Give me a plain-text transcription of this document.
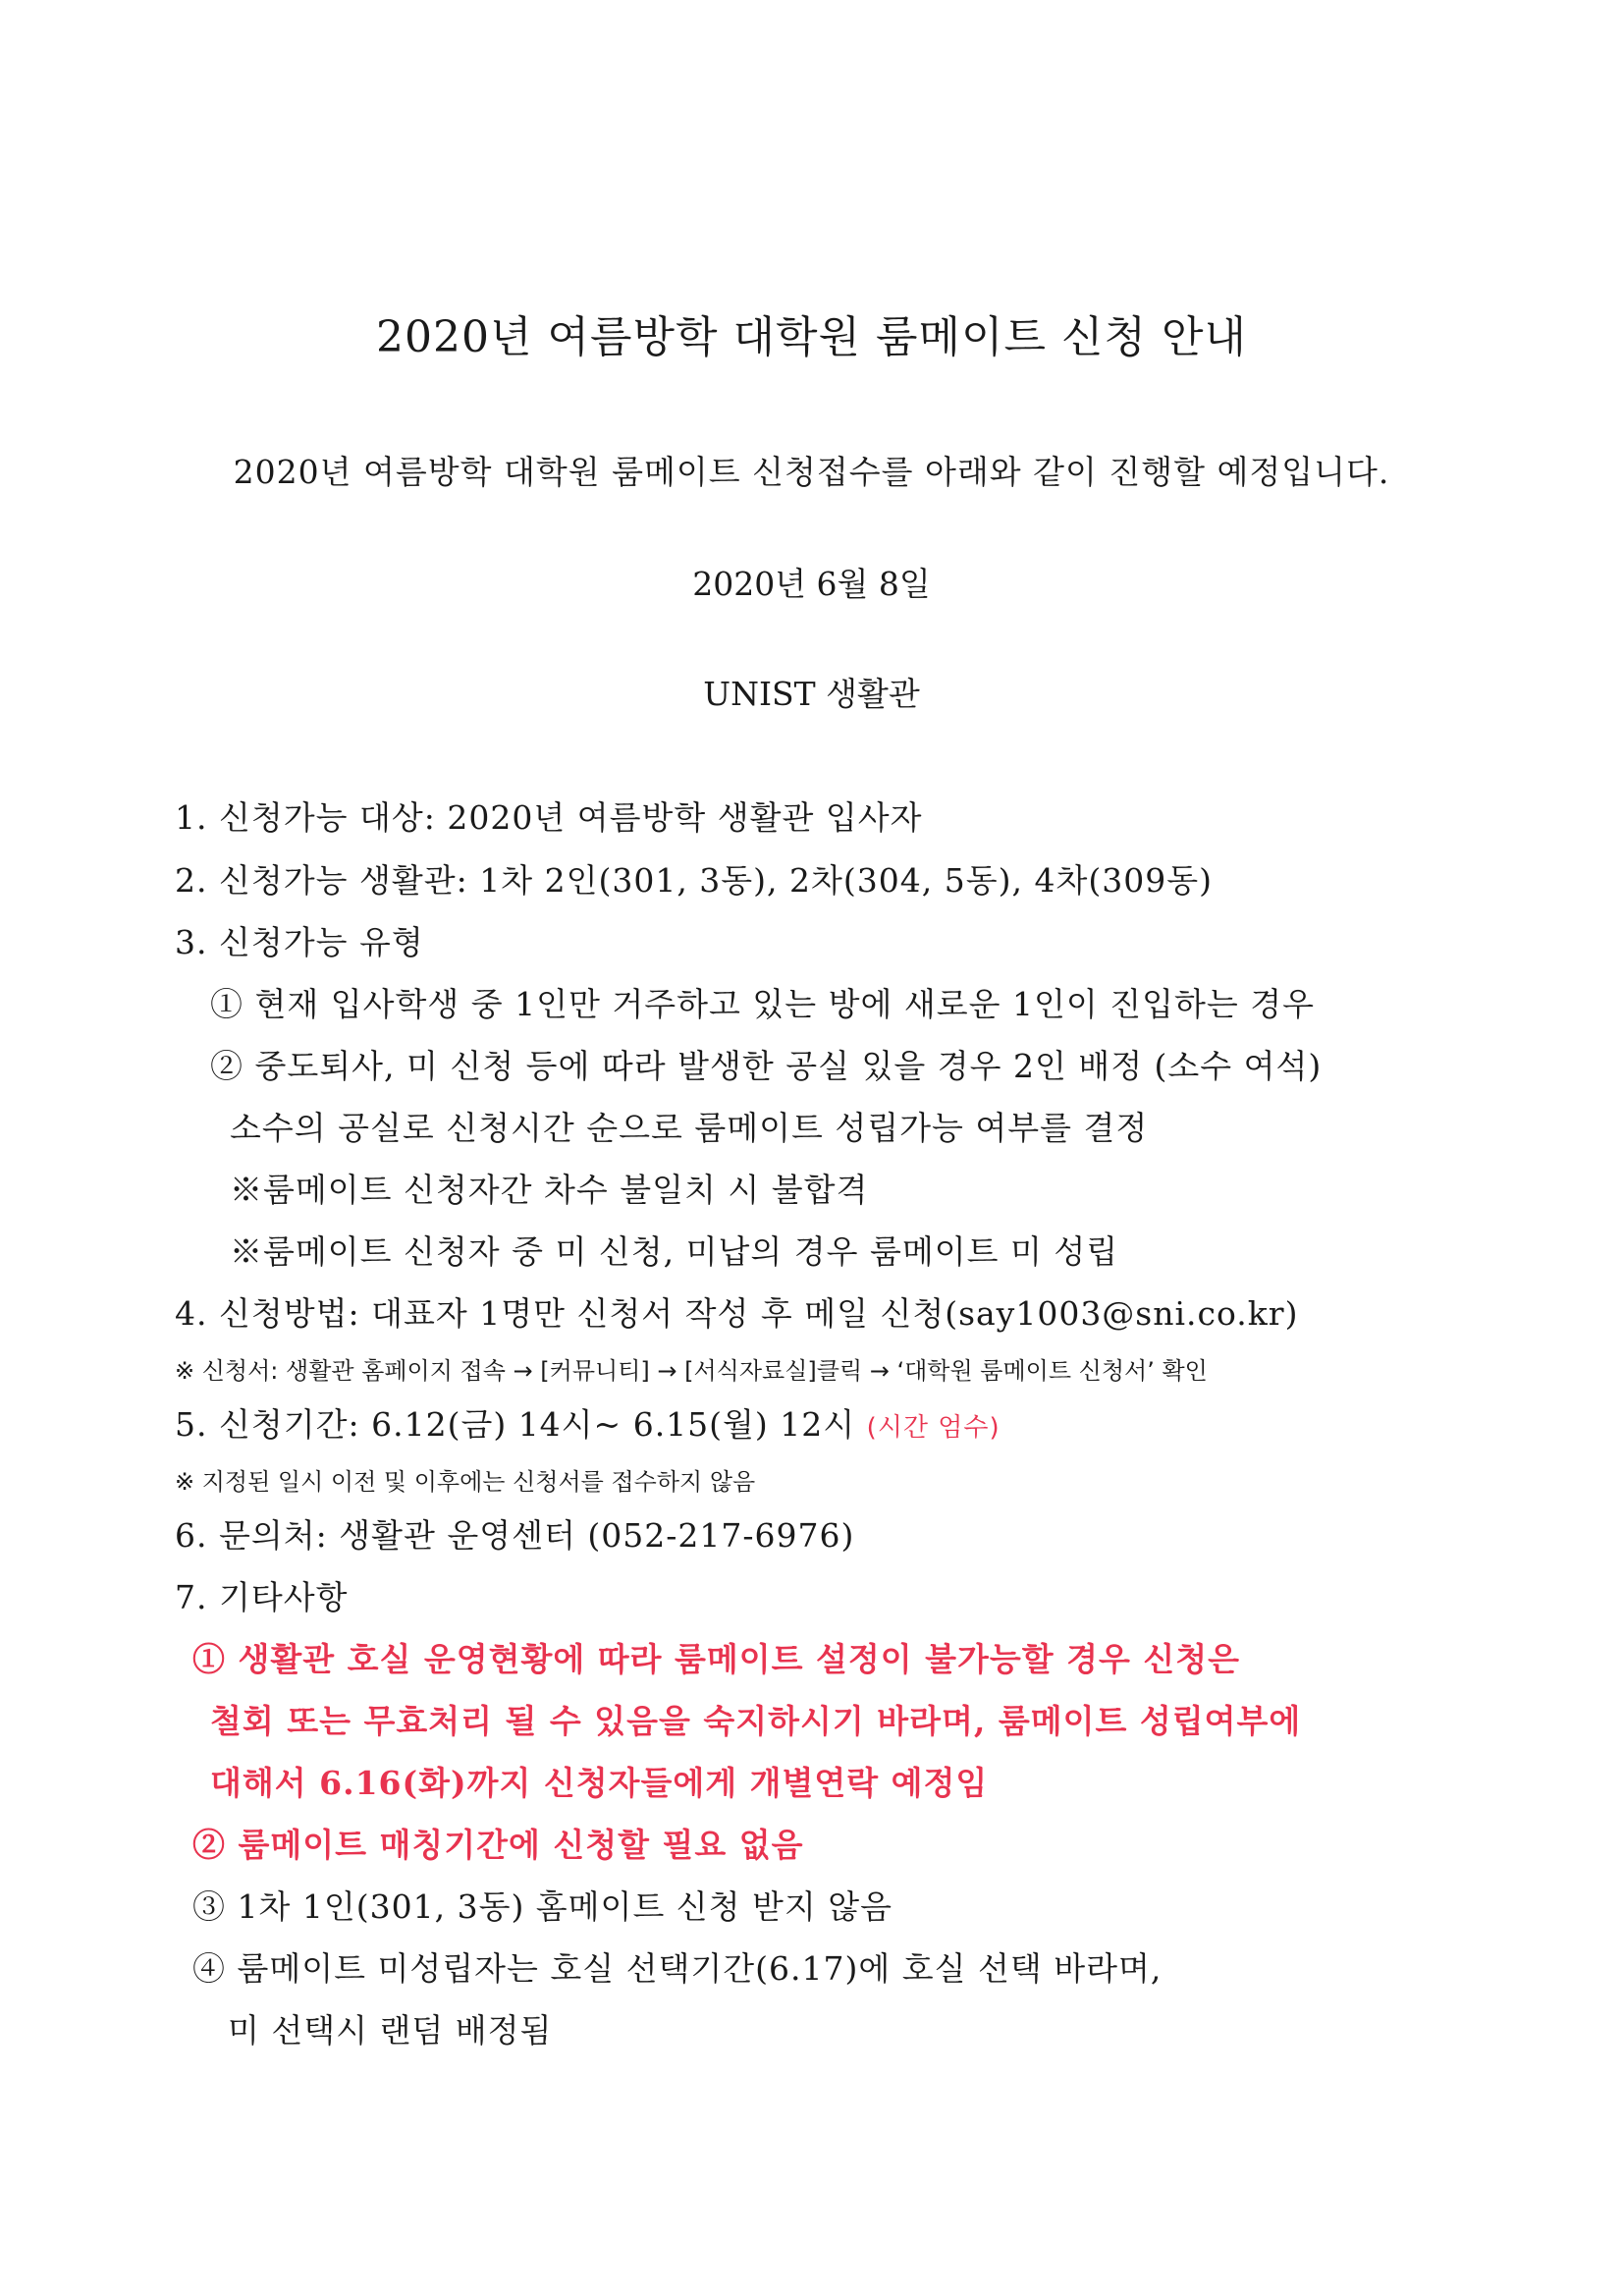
2020년 여름방학 대학원 룸메이트 신청 안내
2020년 여름방학 대학원 룸메이트 신청접수를 아래와 같이 진행할 예정입니다.
2020년 6월 8일
UNIST 생활관
1. 신청가능 대상: 2020년 여름방학 생활관 입사자
2. 신청가능 생활관: 1차 2인(301, 3동), 2차(304, 5동), 4차(309동)
3. 신청가능 유형
① 현재 입사학생 중 1인만 거주하고 있는 방에 새로운 1인이 진입하는 경우
② 중도퇴사, 미 신청 등에 따라 발생한 공실 있을 경우 2인 배정 (소수 여석)
소수의 공실로 신청시간 순으로 룸메이트 성립가능 여부를 결정
※룸메이트 신청자간 차수 불일치 시 불합격
※룸메이트 신청자 중 미 신청, 미납의 경우 룸메이트 미 성립
4. 신청방법: 대표자 1명만 신청서 작성 후 메일 신청(say1003@sni.co.kr)
※ 신청서: 생활관 홈페이지 접속 → [커뮤니티] → [서식자료실]클릭 → ‘대학원 룸메이트 신청서’ 확인
5. 신청기간: 6.12(금) 14시~ 6.15(월) 12시 (시간 엄수)
※ 지정된 일시 이전 및 이후에는 신청서를 접수하지 않음
6. 문의처: 생활관 운영센터 (052-217-6976)
7. 기타사항
① 생활관 호실 운영현황에 따라 룸메이트 설정이 불가능할 경우 신청은
철회 또는 무효처리 될 수 있음을 숙지하시기 바라며, 룸메이트 성립여부에
대해서 6.16(화)까지 신청자들에게 개별연락 예정임
② 룸메이트 매칭기간에 신청할 필요 없음
③ 1차 1인(301, 3동) 홈메이트 신청 받지 않음
④ 룸메이트 미성립자는 호실 선택기간(6.17)에 호실 선택 바라며,
미 선택시 랜덤 배정됨
